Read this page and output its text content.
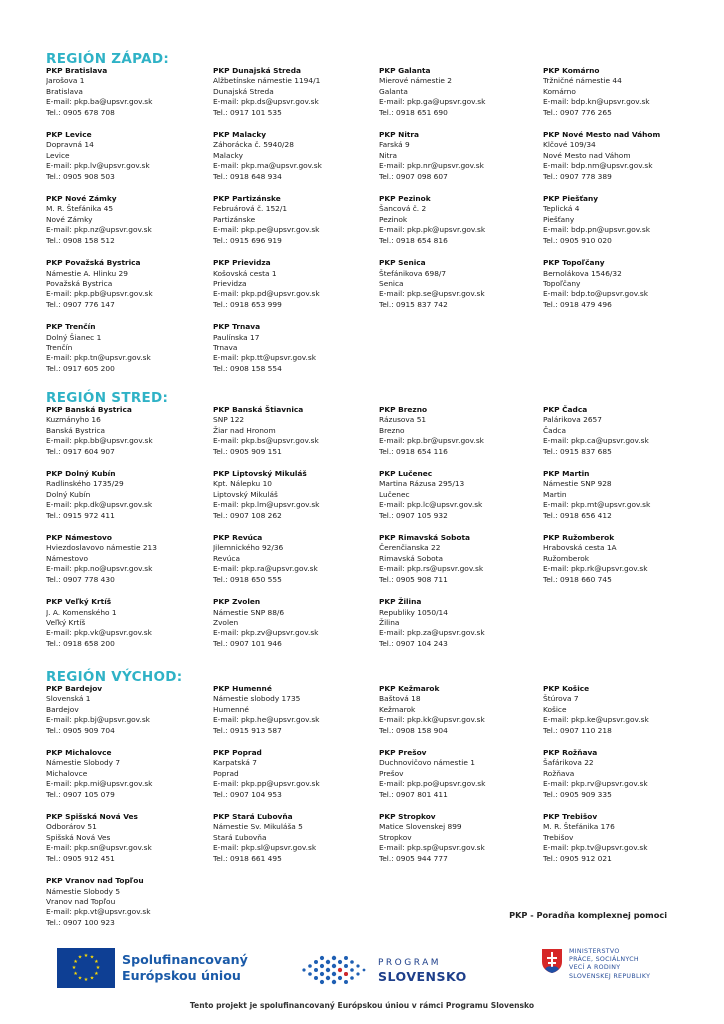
REGIÓN ZÁPAD:
PKP Bratislava
Jarošova 1
Bratislava
E-mail: pkp.ba@upsvr.gov.sk
Tel.: 0905 678 708
PKP Dunajská Streda
Alžbetínske námestie 1194/1
Dunajská Streda
E-mail: pkp.ds@upsvr.gov.sk
Tel.: 0917 101 535
PKP Galanta
Mierové námestie 2
Galanta
E-mail: pkp.ga@upsvr.gov.sk
Tel.: 0918 651 690
PKP Komárno
Tržničné námestie 44
Komárno
E-mail: bdp.kn@upsvr.gov.sk
Tel.: 0907 776 265
PKP Levice
Dopravná 14
Levice
E-mail: pkp.lv@upsvr.gov.sk
Tel.: 0905 908 503
PKP Malacky
Záhorácka č. 5940/28
Malacky
E-mail: pkp.ma@upsvr.gov.sk
Tel.: 0918 648 934
PKP Nitra
Farská 9
Nitra
E-mail: pkp.nr@upsvr.gov.sk
Tel.: 0907 098 607
PKP Nové Mesto nad Váhom
Klčové 109/34
Nové Mesto nad Váhom
E-mail: bdp.nm@upsvr.gov.sk
Tel.: 0907 778 389
PKP Nové Zámky
M. R. Štefánika 45
Nové Zámky
E-mail: pkp.nz@upsvr.gov.sk
Tel.: 0908 158 512
PKP Partizánske
Februárová č. 152/1
Partizánske
E-mail: pkp.pe@upsvr.gov.sk
Tel.: 0915 696 919
PKP Pezinok
Šancová č. 2
Pezinok
E-mail: pkp.pk@upsvr.gov.sk
Tel.: 0918 654 816
PKP Piešťany
Teplická 4
Piešťany
E-mail: bdp.pn@upsvr.gov.sk
Tel.: 0905 910 020
PKP Považská Bystrica
Námestie A. Hlinku 29
Považská Bystrica
E-mail: pkp.pb@upsvr.gov.sk
Tel.: 0907 776 147
PKP Prievidza
Košovská cesta 1
Prievidza
E-mail: pkp.pd@upsvr.gov.sk
Tel.: 0918 653 999
PKP Senica
Štefánikova 698/7
Senica
E-mail: pkp.se@upsvr.gov.sk
Tel.: 0915 837 742
PKP Topoľčany
Bernolákova 1546/32
Topoľčany
E-mail: bdp.to@upsvr.gov.sk
Tel.: 0918 479 496
PKP Trenčín
Dolný Šianec 1
Trenčín
E-mail: pkp.tn@upsvr.gov.sk
Tel.: 0917 605 200
PKP Trnava
Paulínska 17
Trnava
E-mail: pkp.tt@upsvr.gov.sk
Tel.: 0908 158 554
REGIÓN STRED:
PKP Banská Bystrica
Kuzmányho 16
Banská Bystrica
E-mail: pkp.bb@upsvr.gov.sk
Tel.: 0917 604 907
PKP Banská Štiavnica
SNP 122
Žiar nad Hronom
E-mail: pkp.bs@upsvr.gov.sk
Tel.: 0905 909 151
PKP Brezno
Rázusova 51
Brezno
E-mail: pkp.br@upsvr.gov.sk
Tel.: 0918 654 116
PKP Čadca
Palárikova 2657
Čadca
E-mail: pkp.ca@upsvr.gov.sk
Tel.: 0915 837 685
PKP Dolný Kubín
Radlinského 1735/29
Dolný Kubín
E-mail: pkp.dk@upsvr.gov.sk
Tel.: 0915 972 411
PKP Liptovský Mikuláš
Kpt. Nálepku 10
Liptovský Mikuláš
E-mail: pkp.lm@upsvr.gov.sk
Tel.: 0907 108 262
PKP Lučenec
Martina Rázusa 295/13
Lučenec
E-mail: pkp.lc@upsvr.gov.sk
Tel.: 0907 105 932
PKP Martin
Námestie SNP 928
Martin
E-mail: pkp.mt@upsvr.gov.sk
Tel.: 0918 656 412
PKP Námestovo
Hviezdoslavovo námestie 213
Námestovo
E-mail: pkp.no@upsvr.gov.sk
Tel.: 0907 778 430
PKP Revúca
Jilemnického 92/36
Revúca
E-mail: pkp.ra@upsvr.gov.sk
Tel.: 0918 650 555
PKP Rimavská Sobota
Čerenčianska 22
Rimavská Sobota
E-mail: pkp.rs@upsvr.gov.sk
Tel.: 0905 908 711
PKP Ružomberok
Hrabovská cesta 1A
Ružomberok
E-mail: pkp.rk@upsvr.gov.sk
Tel.: 0918 660 745
PKP Veľký Krtíš
J. A. Komenského 1
Veľký Krtíš
E-mail: pkp.vk@upsvr.gov.sk
Tel.: 0918 658 200
PKP Zvolen
Námestie SNP 88/6
Zvolen
E-mail: pkp.zv@upsvr.gov.sk
Tel.: 0907 101 946
PKP Žilina
Republiky 1050/14
Žilina
E-mail: pkp.za@upsvr.gov.sk
Tel.: 0907 104 243
REGIÓN VÝCHOD:
PKP Bardejov
Slovenská 1
Bardejov
E-mail: pkp.bj@upsvr.gov.sk
Tel.: 0905 909 704
PKP Humenné
Námestie slobody 1735
Humenné
E-mail: pkp.he@upsvr.gov.sk
Tel.: 0915 913 587
PKP Kežmarok
Baštová 18
Kežmarok
E-mail: pkp.kk@upsvr.gov.sk
Tel.: 0908 158 904
PKP Košice
Štúrova 7
Košice
E-mail: pkp.ke@upsvr.gov.sk
Tel.: 0907 110 218
PKP Michalovce
Námestie Slobody 7
Michalovce
E-mail: pkp.mi@upsvr.gov.sk
Tel.: 0907 105 079
PKP Poprad
Karpatská 7
Poprad
E-mail: pkp.pp@upsvr.gov.sk
Tel.: 0907 104 953
PKP Prešov
Duchnovičovo námestie 1
Prešov
E-mail: pkp.po@upsvr.gov.sk
Tel.: 0907 801 411
PKP Rožňava
Šafárikova 22
Rožňava
E-mail: pkp.rv@upsvr.gov.sk
Tel.: 0905 909 335
PKP Spišská Nová Ves
Odborárov 51
Spišská Nová Ves
E-mail: pkp.sn@upsvr.gov.sk
Tel.: 0905 912 451
PKP Stará Ľubovňa
Námestie Sv. Mikuláša 5
Stará Ľubovňa
E-mail: pkp.sl@upsvr.gov.sk
Tel.: 0918 661 495
PKP Stropkov
Matice Slovenskej 899
Stropkov
E-mail: pkp.sp@upsvr.gov.sk
Tel.: 0905 944 777
PKP Trebišov
M. R. Štefánika 176
Trebišov
E-mail: pkp.tv@upsvr.gov.sk
Tel.: 0905 912 021
PKP Vranov nad Topľou
Námestie Slobody 5
Vranov nad Topľou
E-mail: pkp.vt@upsvr.gov.sk
Tel.: 0907 100 923
PKP - Poradňa komplexnej pomoci
★ ★
★
★
★
★
★
★
★
★
★
★	Spolufinancovaný
Európskou úniou
PROGRAM
SLOVENSKO
MINISTERSTVO
PRÁCE, SOCIÁLNYCH
VECÍ A RODINY
SLOVENSKEJ REPUBLIKY
Tento projekt je spolufinancovaný Európskou úniou v rámci Programu Slovensko
